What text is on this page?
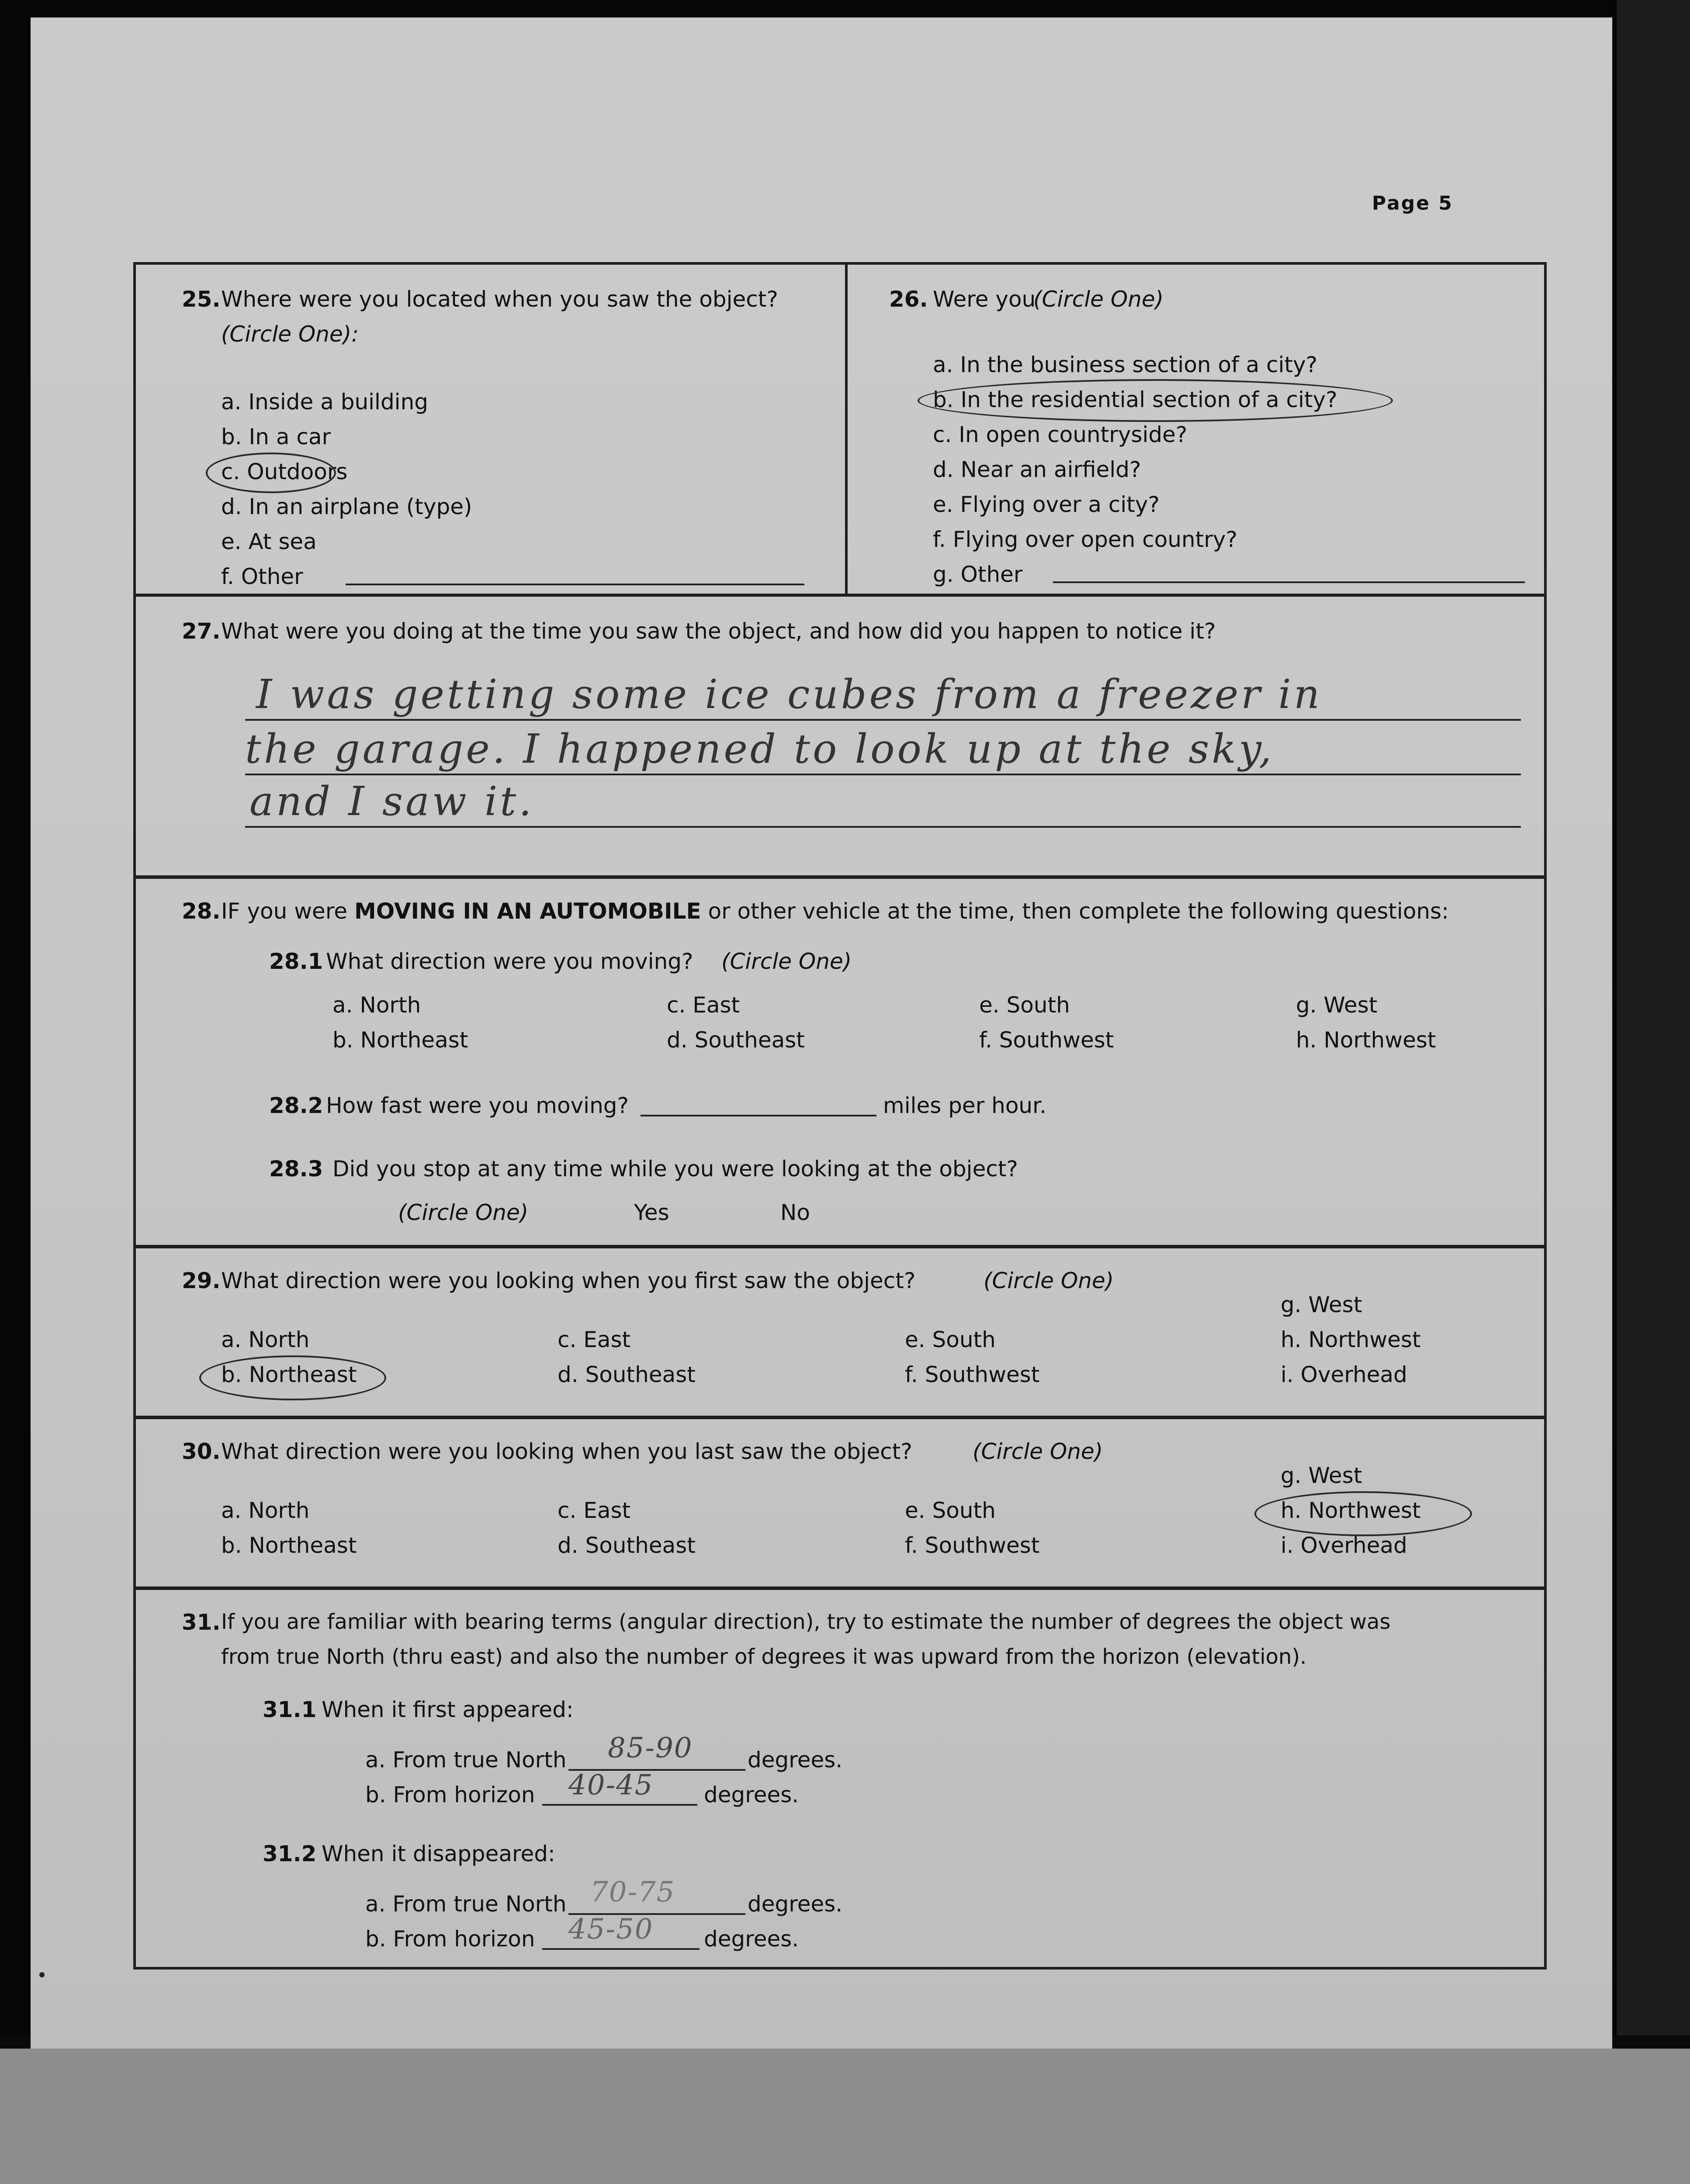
Page 5
25. Where were you located when you saw the object?
(Circle One):
a. Inside a building
b. In a car
c. Outdoors
d. In an airplane (type)
e. At sea
f. Other
26. Were you
(Circle One)
a. In the business section of a city?
b. In the residential section of a city?
c. In open countryside?
d. Near an airfield?
e. Flying over a city?
f. Flying over open country?
g. Other
27. What were you doing at the time you saw the object, and how did you happen to notice it?
I was getting some ice cubes from a freezer in
the garage. I happened to look up at the sky,
and I saw it.
28. IF you were MOVING IN AN AUTOMOBILE or other vehicle at the time, then complete the following questions:
28.1 What direction were you moving? (Circle One)
a. North
b. Northeast
c. East
d. Southeast
e. South
f. Southwest
g. West
h. Northwest
28.2 How fast were you moving?	miles per hour.
28.3 Did you stop at any time while you were looking at the object?
(Circle One)	Yes	No
29. What direction were you looking when you first saw the object?	(Circle One)
g. West
a. North
b. Northeast
c. East
d. Southeast
e. South
f. Southwest
h. Northwest
i. Overhead
30. What direction were you looking when you last saw the object?	(Circle One)
g. West
a. North
b. Northeast
c. East
d. Southeast
e. South
f. Southwest
h. Northwest
i. Overhead
31. If you are familiar with bearing terms (angular direction), try to estimate the number of degrees the object was
from true North (thru east) and also the number of degrees it was upward from the horizon (elevation).
31.1 When it first appeared:
a. From true North 85-90	degrees.
b. From horizon 40-45 degrees.
31.2 When it disappeared:
a. From true North 70-75	degrees.
b. From horizon 45-50 degrees.
